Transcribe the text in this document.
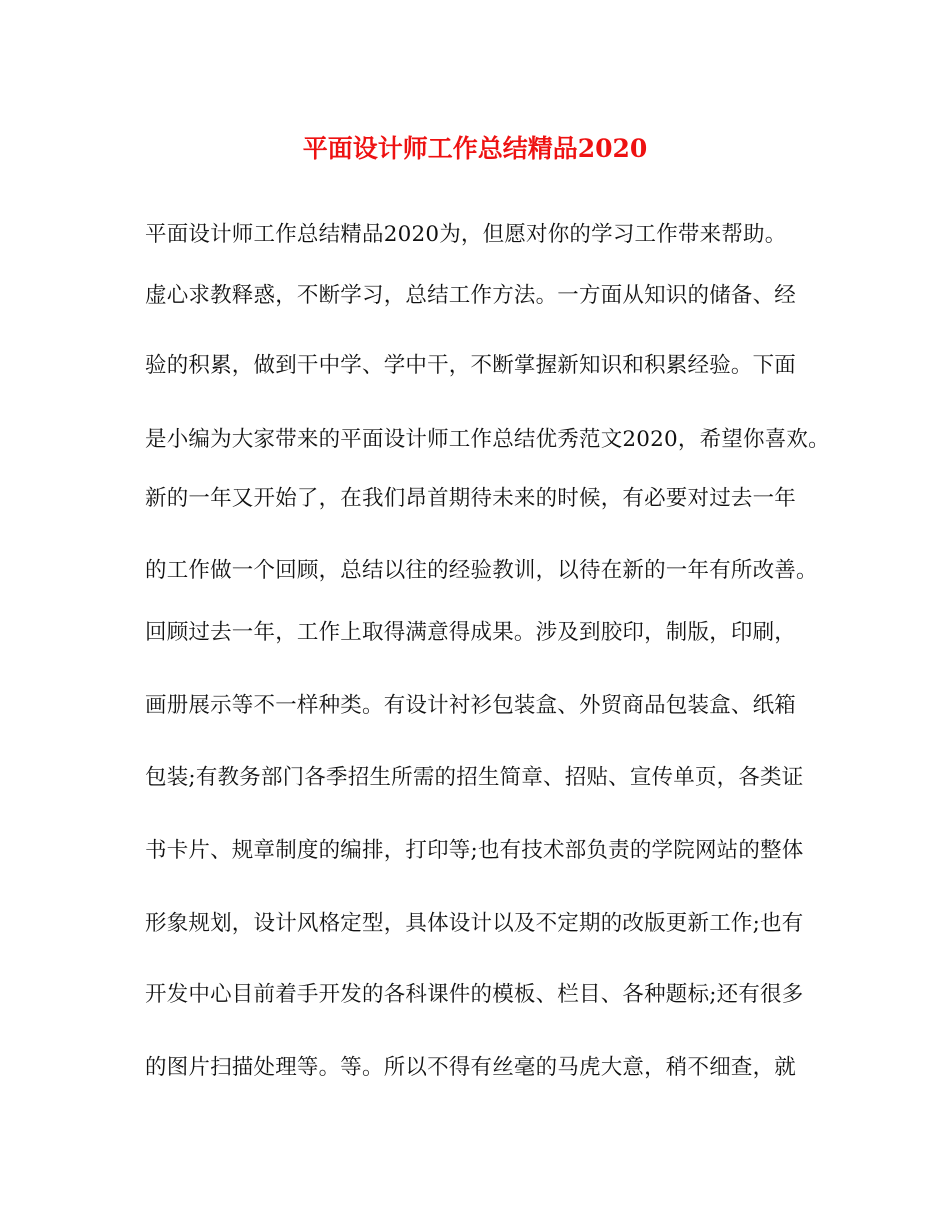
平面设计师工作总结精品2020
平面设计师工作总结精品2020为，但愿对你的学习工作带来帮助。
虚心求教释惑，不断学习，总结工作方法。一方面从知识的储备、经
验的积累，做到干中学、学中干，不断掌握新知识和积累经验。下面
是小编为大家带来的平面设计师工作总结优秀范文2020，希望你喜欢。
新的一年又开始了，在我们昂首期待未来的时候，有必要对过去一年
的工作做一个回顾，总结以往的经验教训，以待在新的一年有所改善。
回顾过去一年，工作上取得满意得成果。涉及到胶印，制版，印刷，
画册展示等不一样种类。有设计衬衫包装盒、外贸商品包装盒、纸箱
包装;有教务部门各季招生所需的招生简章、招贴、宣传单页，各类证
书卡片、规章制度的编排，打印等;也有技术部负责的学院网站的整体
形象规划，设计风格定型，具体设计以及不定期的改版更新工作;也有
开发中心目前着手开发的各科课件的模板、栏目、各种题标;还有很多
的图片扫描处理等。等。所以不得有丝毫的马虎大意，稍不细查，就
